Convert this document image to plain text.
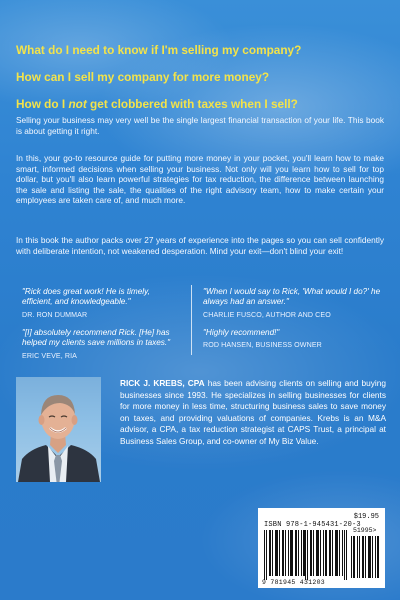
What do I need to know if I'm selling my company?
How can I sell my company for more money?
How do I not get clobbered with taxes when I sell?

Selling your business may very well be the single largest financial transaction of your life. This book is about getting it right.

In this, your go-to resource guide for putting more money in your pocket, you'll learn how to make smart, informed decisions when selling your business. Not only will you learn how to sell for top dollar, but you'll also learn powerful strategies for tax reduction, the difference between launching the sale and listing the sale, the qualities of the right advisory team, how to make certain your employees are taken care of, and much more.

In this book the author packs over 27 years of experience into the pages so you can sell confidently with deliberate intention, not weakened desperation. Mind your exit—don't blind your exit!

"Rick does great work! He is timely, efficient, and knowledgeable."

DR. RON DUMMAR

"When I would say to Rick, 'What would I do?' he always had an answer."

CHARLIE FUSCO, AUTHOR AND CEO

"[I] absolutely recommend Rick. [He] has helped my clients save millions in taxes."

ERIC VEVE, RIA

"Highly recommend!"

ROD HANSEN, BUSINESS OWNER

RICK J. KREBS, CPA has been advising clients on selling and buying businesses since 1993. He specializes in selling businesses for clients for more money in less time, structuring business sales to save money on taxes, and providing valuations of companies. Krebs is an M&A advisor, a CPA, a tax reduction strategist at CAPS Trust, a principal at Business Sales Group, and co-owner of My Biz Value.

$19.95
ISBN 978-1-945431-20-3
51995>
9 781945 431203
